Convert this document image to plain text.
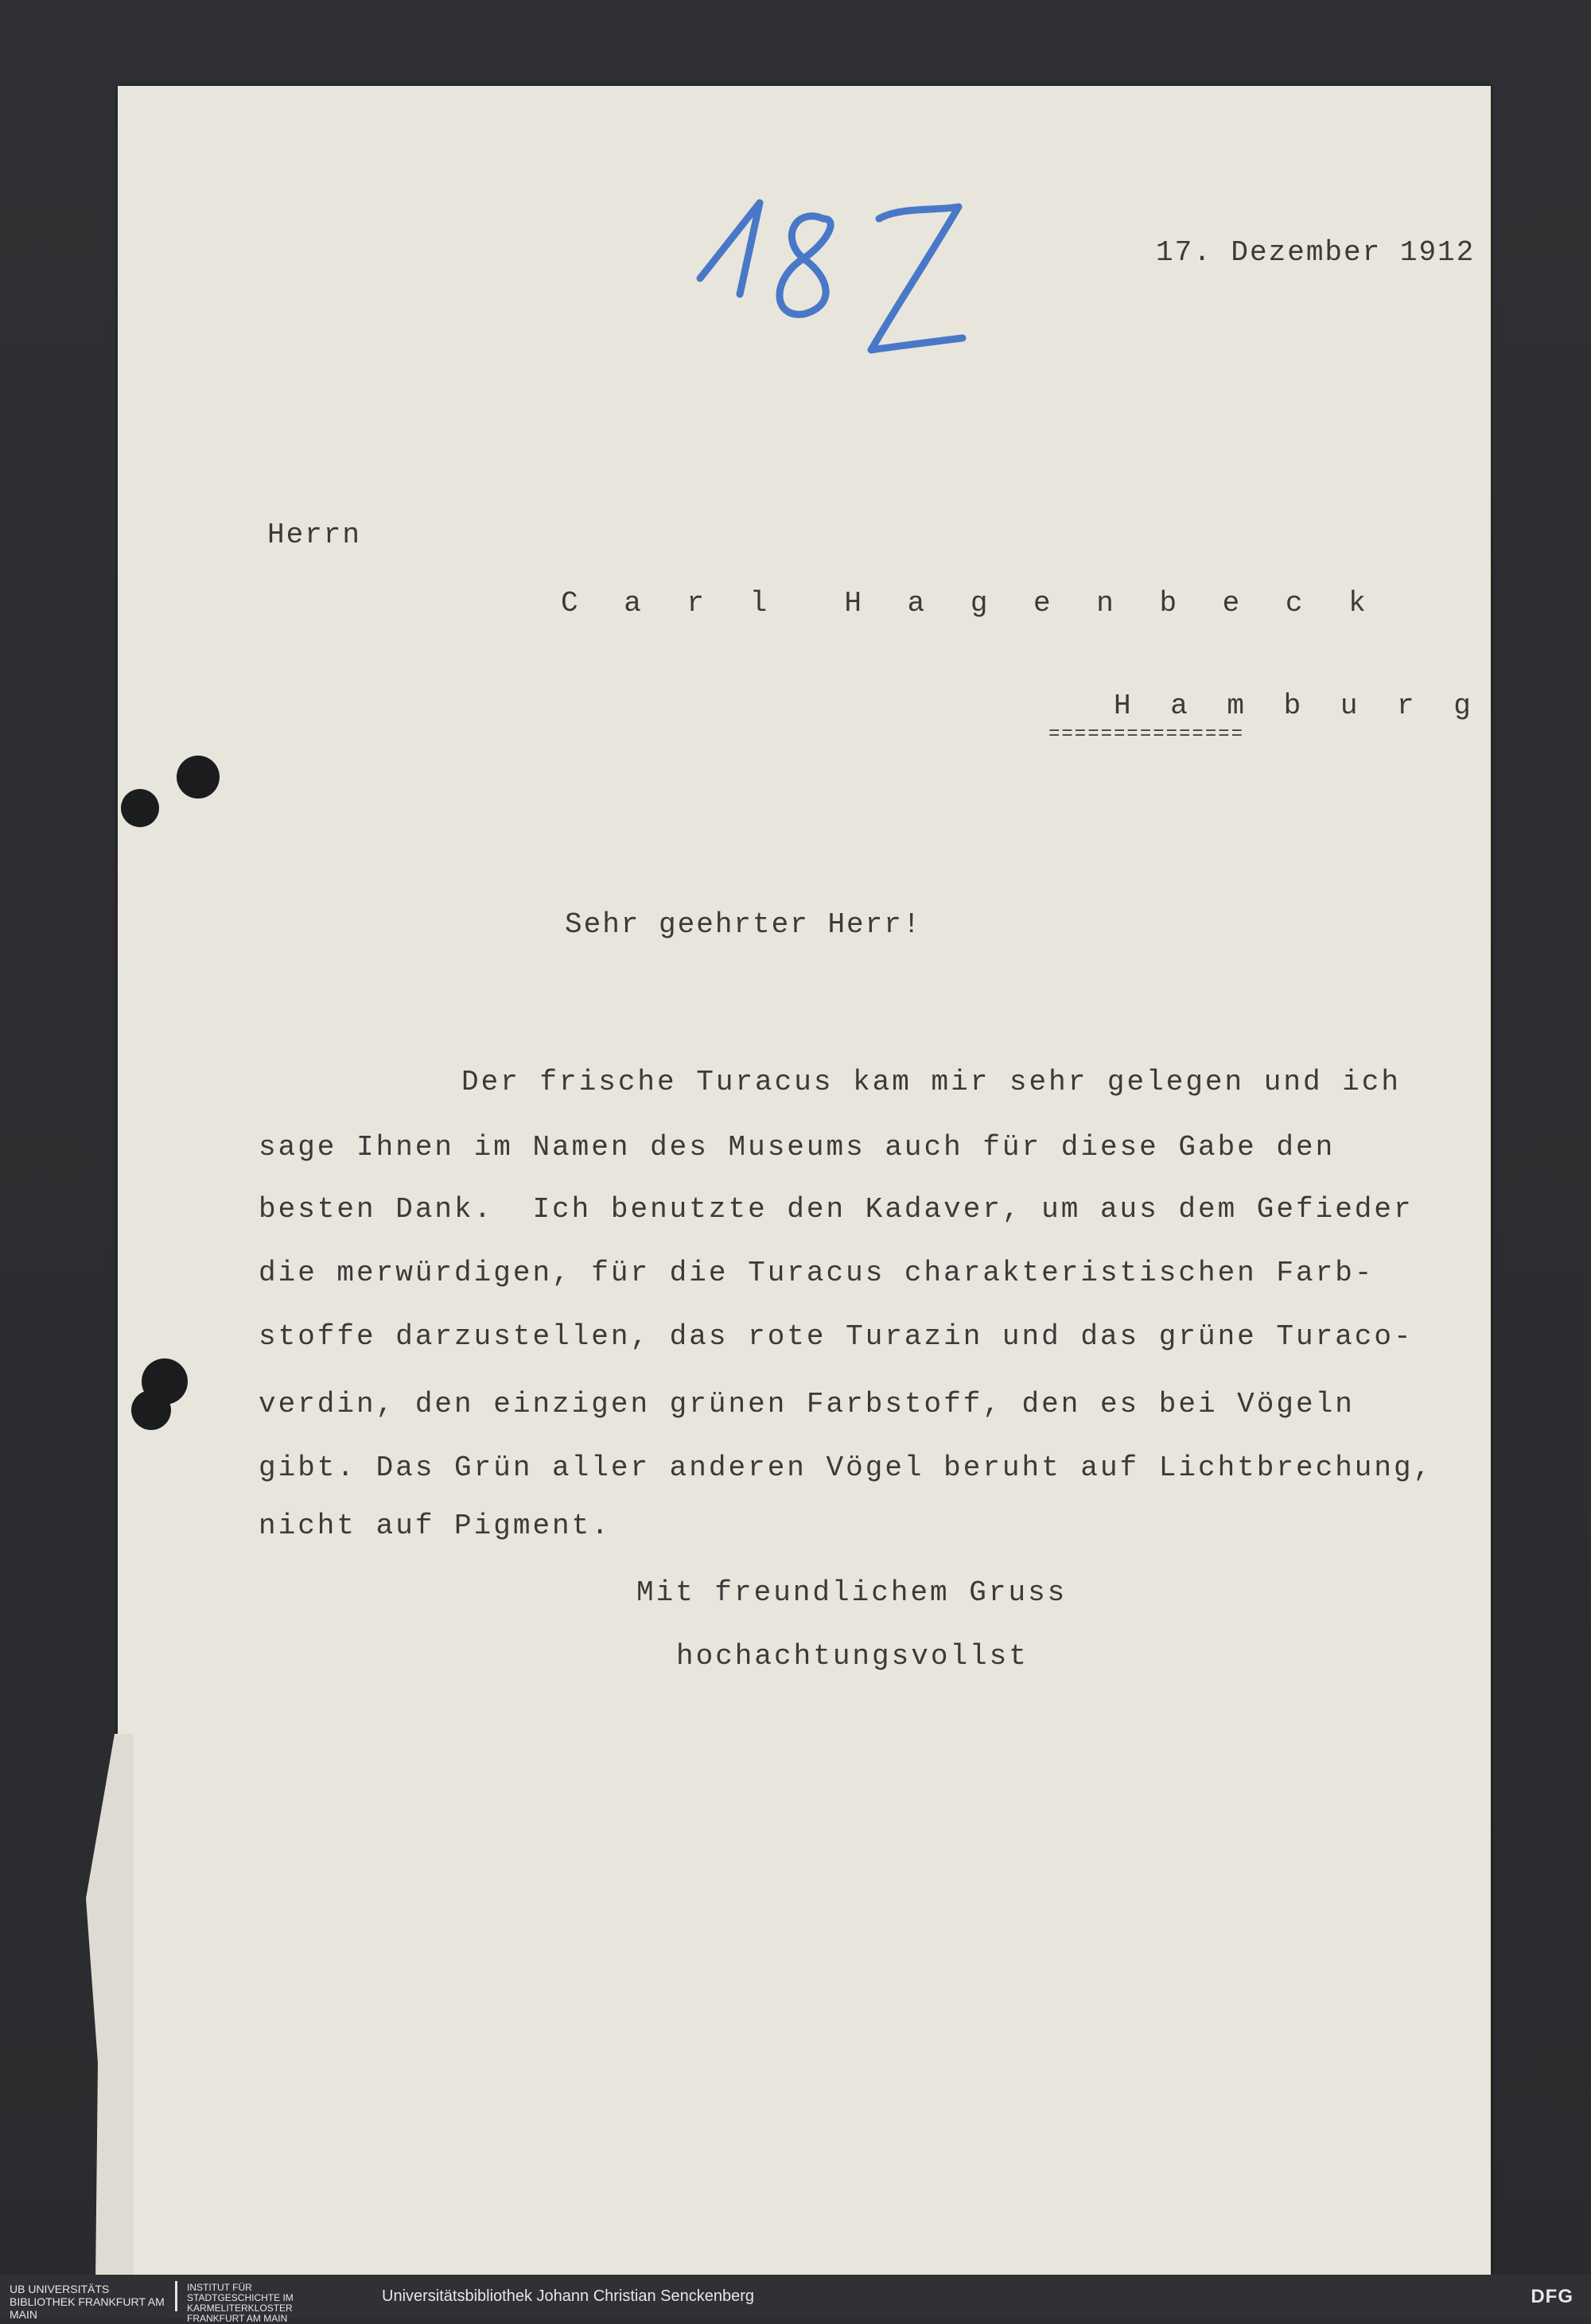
17. Dezember 1912
Herrn
C a r l  H a g e n b e c k
H a m b u r g
===============
Sehr geehrter Herr!
Der frische Turacus kam mir sehr gelegen und ich
sage Ihnen im Namen des Museums auch für diese Gabe den
besten Dank.  Ich benutzte den Kadaver, um aus dem Gefieder
die merwürdigen, für die Turacus charakteristischen Farb-
stoffe darzustellen, das rote Turazin und das grüne Turaco-
verdin, den einzigen grünen Farbstoff, den es bei Vögeln
gibt. Das Grün aller anderen Vögel beruht auf Lichtbrechung,
nicht auf Pigment.
Mit freundlichem Gruss
hochachtungsvollst
UB UNIVERSITÄTS BIBLIOTHEK FRANKFURT AM MAIN
INSTITUT FÜR STADTGESCHICHTE IM KARMELITERKLOSTER FRANKFURT AM MAIN
Universitätsbibliothek Johann Christian Senckenberg	DFG
